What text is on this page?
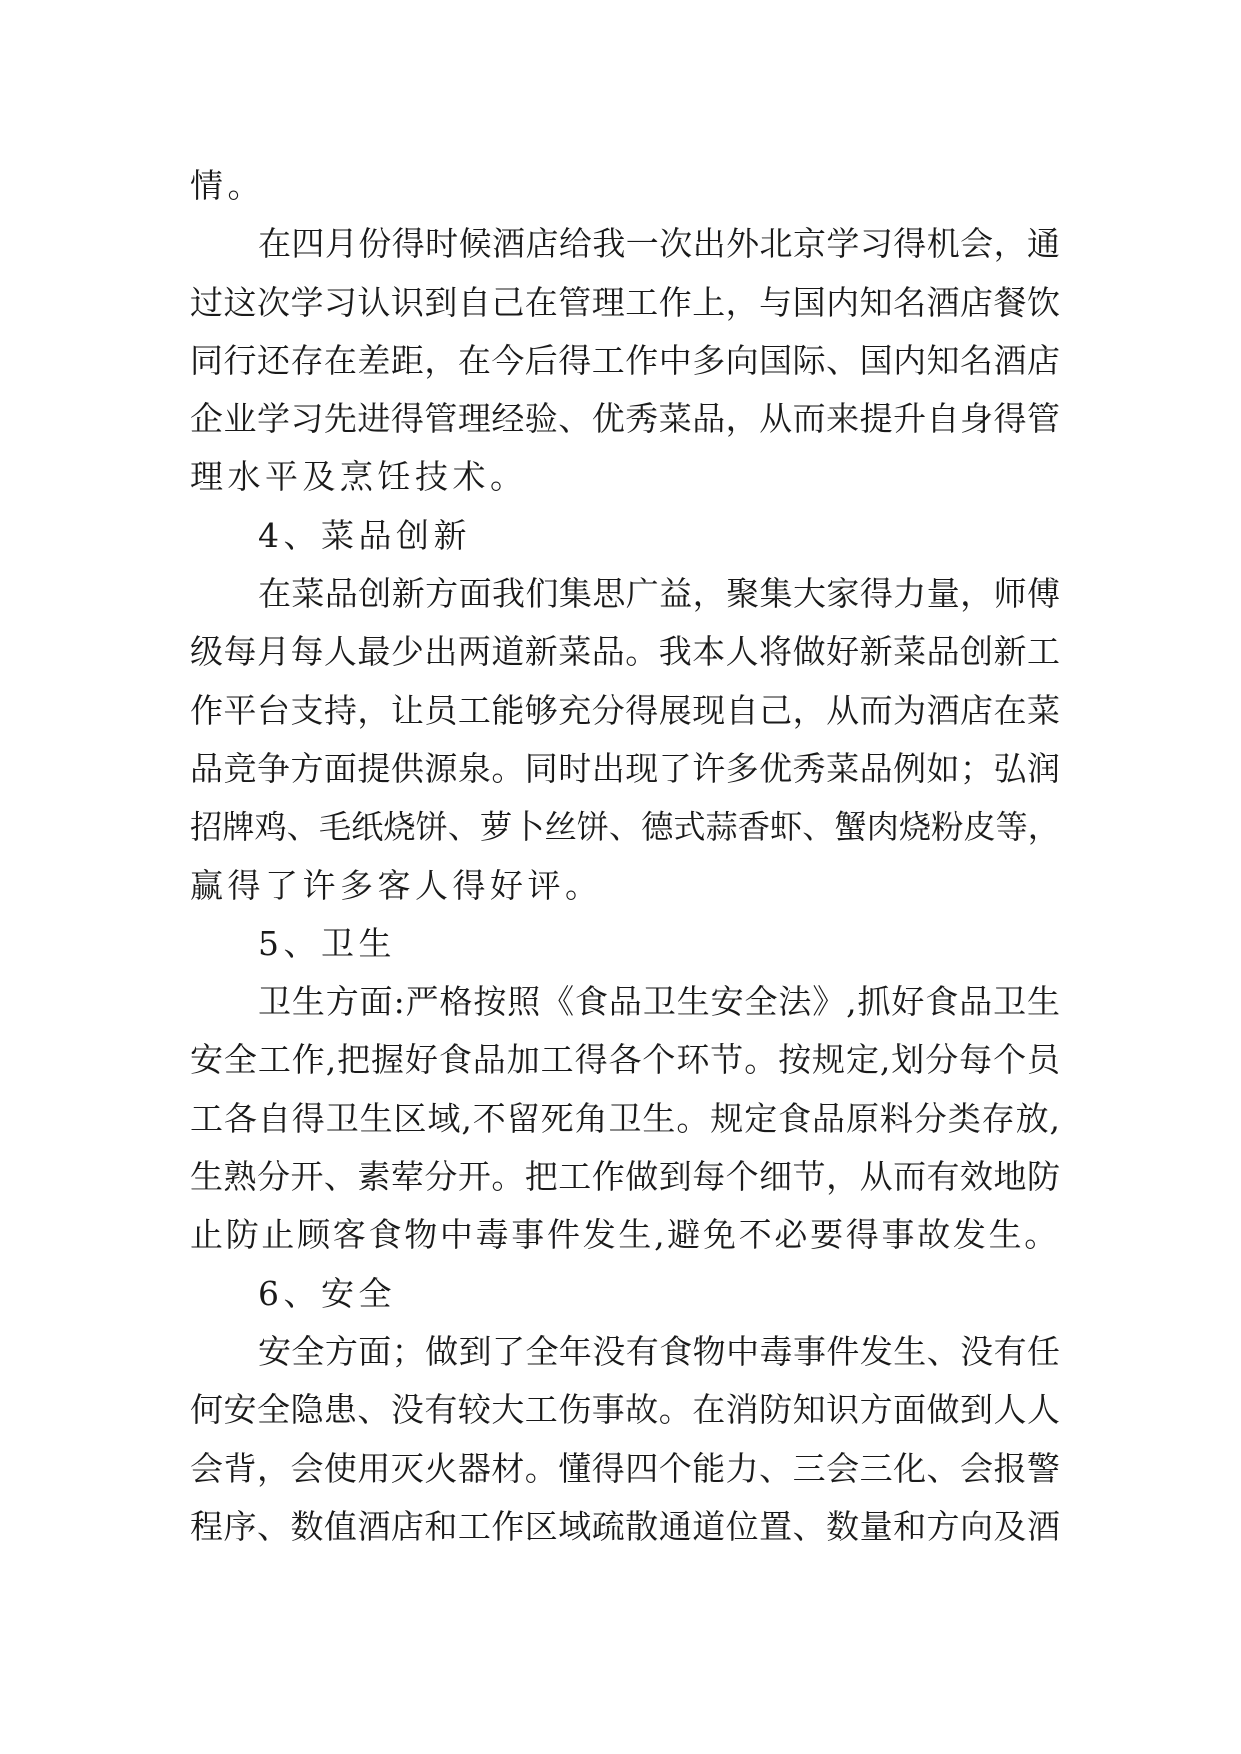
情。
在四月份得时候酒店给我一次出外北京学习得机会，通
过这次学习认识到自己在管理工作上，与国内知名酒店餐饮
同行还存在差距，在今后得工作中多向国际、国内知名酒店
企业学习先进得管理经验、优秀菜品，从而来提升自身得管
理水平及烹饪技术。
4、菜品创新
在菜品创新方面我们集思广益，聚集大家得力量，师傅
级每月每人最少出两道新菜品。我本人将做好新菜品创新工
作平台支持，让员工能够充分得展现自己，从而为酒店在菜
品竞争方面提供源泉。同时出现了许多优秀菜品例如；弘润
招牌鸡、毛纸烧饼、萝卜丝饼、德式蒜香虾、蟹肉烧粉皮等，
赢得了许多客人得好评。
5、卫生
卫生方面:严格按照《食品卫生安全法》,抓好食品卫生
安全工作,把握好食品加工得各个环节。按规定,划分每个员
工各自得卫生区域,不留死角卫生。规定食品原料分类存放,
生熟分开、素荤分开。把工作做到每个细节，从而有效地防
止防止顾客食物中毒事件发生,避免不必要得事故发生。
6、安全
安全方面；做到了全年没有食物中毒事件发生、没有任
何安全隐患、没有较大工伤事故。在消防知识方面做到人人
会背，会使用灭火器材。懂得四个能力、三会三化、会报警
程序、数值酒店和工作区域疏散通道位置、数量和方向及酒
